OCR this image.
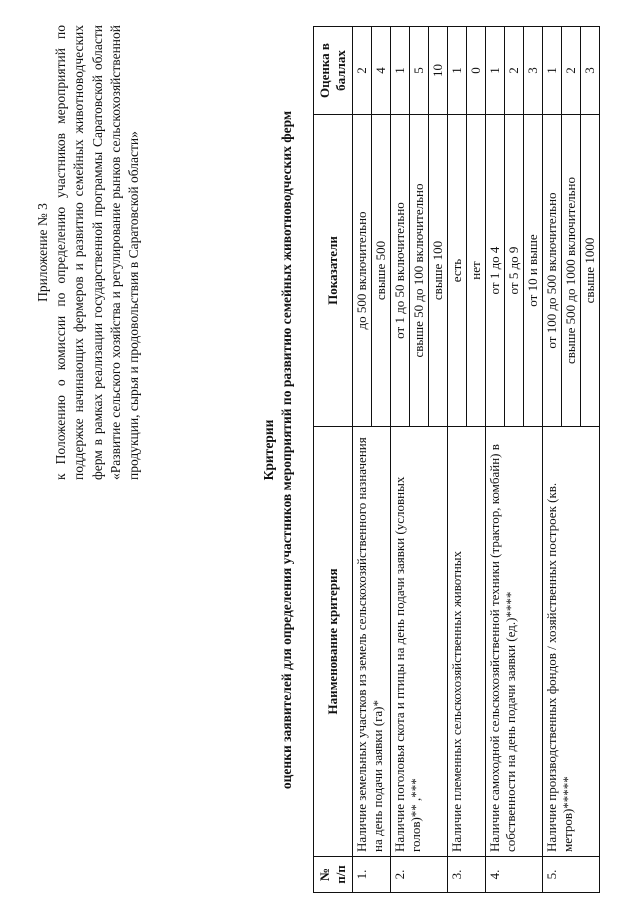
Приложение № 3 к Положению о комиссии по определению участников мероприятий по поддержке начинающих фермеров и развитию семейных животноводческих ферм в рамках реализации государственной программы Саратовской области «Развитие сельского хозяйства и регулирование рынков сельскохозяйственной продукции, сырья и продовольствия в Саратовской области»	Критерии оценки заявителей для определения участников мероприятий по развитию семейных животноводческих ферм
№ п/п	Наименование критерия	Показатели	Оценка в баллах
1.	Наличие земельных участков из земель сельскохозяйственного назначения на день подачи заявки (га)*	до 500 включительно	2
		свыше 500	4
2.	Наличие поголовья скота и птицы на день подачи заявки (условных голов)** ,***	от 1 до 50 включительно	1
		свыше 50 до 100 включительно	5
		свыше 100	10
3.	Наличие племенных сельскохозяйственных животных	есть	1
		нет	0
4.	Наличие самоходной сельскохозяйственной техники (трактор, комбайн) в собственности на день подачи заявки (ед.)****	от 1 до 4	1
		от 5 до 9	2
		от 10 и выше	3
5.	Наличие производственных фондов / хозяйственных построек (кв. метров)*****	от 100 до 500 включительно	1
		свыше 500 до 1000 включительно	2
		свыше 1000	3
